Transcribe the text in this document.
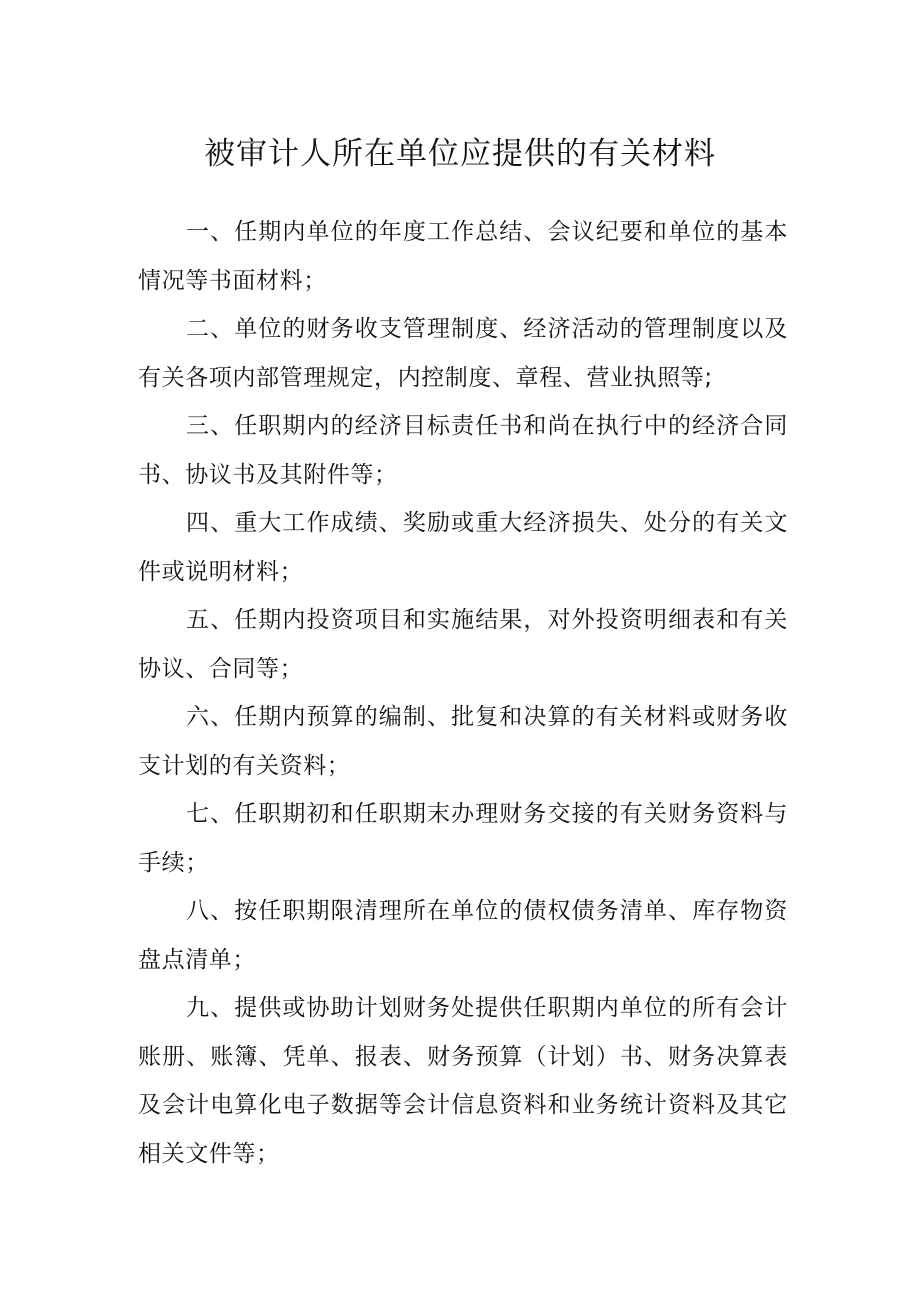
被审计人所在单位应提供的有关材料

一、任期内单位的年度工作总结、会议纪要和单位的基本情况等书面材料；

二、单位的财务收支管理制度、经济活动的管理制度以及有关各项内部管理规定，内控制度、章程、营业执照等;

三、任职期内的经济目标责任书和尚在执行中的经济合同书、协议书及其附件等；

四、重大工作成绩、奖励或重大经济损失、处分的有关文件或说明材料；

五、任期内投资项目和实施结果，对外投资明细表和有关协议、合同等；

六、任期内预算的编制、批复和决算的有关材料或财务收支计划的有关资料；

七、任职期初和任职期末办理财务交接的有关财务资料与手续；

八、按任职期限清理所在单位的债权债务清单、库存物资盘点清单；

九、提供或协助计划财务处提供任职期内单位的所有会计账册、账簿、凭单、报表、财务预算（计划）书、财务决算表及会计电算化电子数据等会计信息资料和业务统计资料及其它相关文件等；
